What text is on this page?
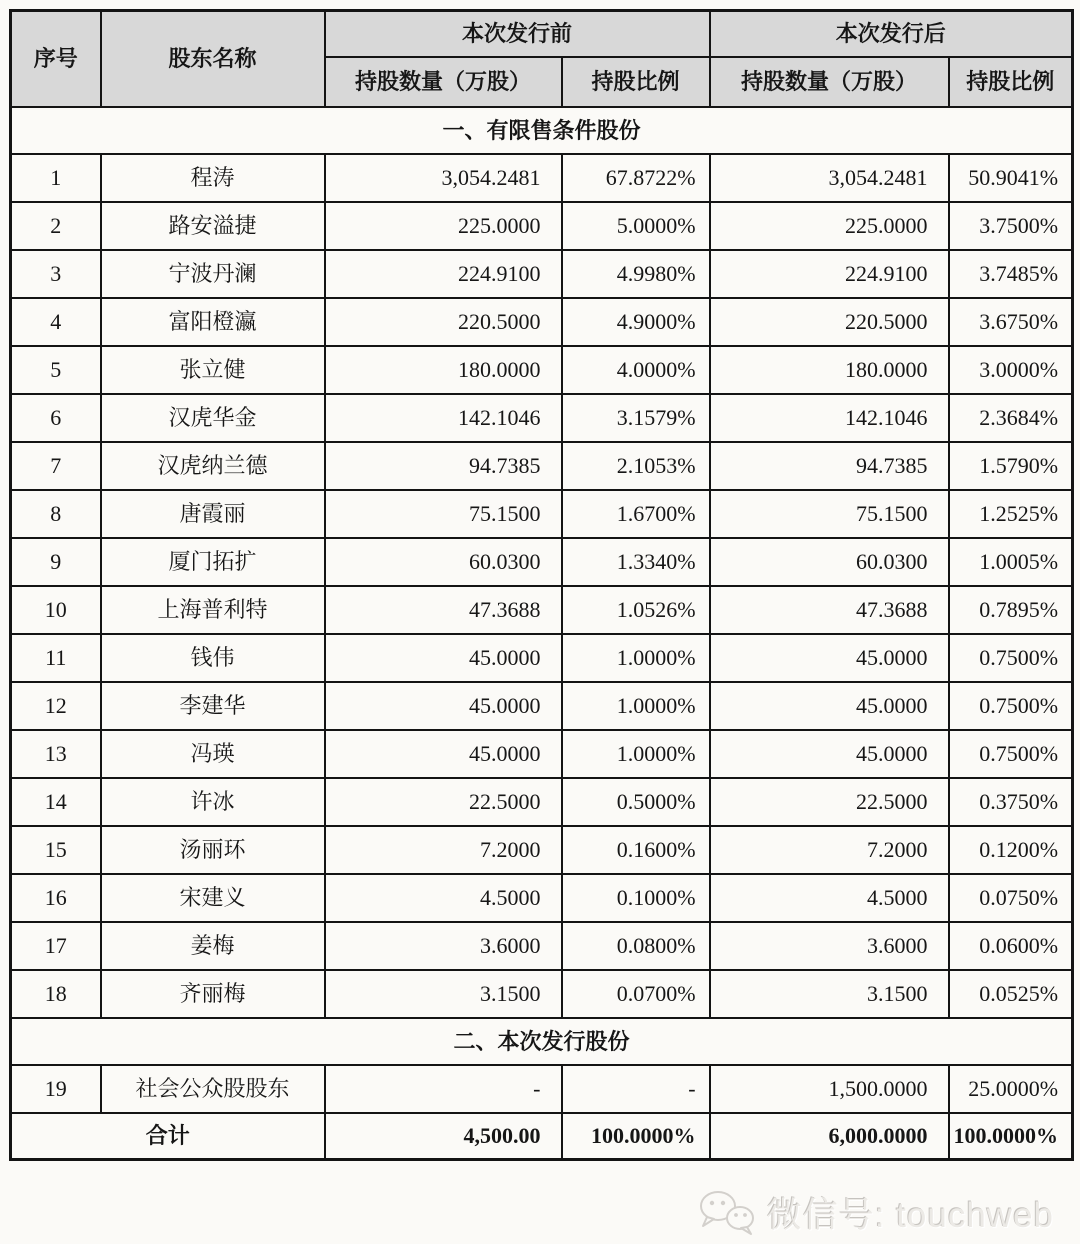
序号	股东名称	本次发行前		本次发行后	
		持股数量（万股）	持股比例	持股数量（万股）	持股比例
一、有限售条件股份					
1	程涛	3,054.2481	67.8722%	3,054.2481	50.9041%
2	路安溢捷	225.0000	5.0000%	225.0000	3.7500%
3	宁波丹澜	224.9100	4.9980%	224.9100	3.7485%
4	富阳橙瀛	220.5000	4.9000%	220.5000	3.6750%
5	张立健	180.0000	4.0000%	180.0000	3.0000%
6	汉虎华金	142.1046	3.1579%	142.1046	2.3684%
7	汉虎纳兰德	94.7385	2.1053%	94.7385	1.5790%
8	唐霞丽	75.1500	1.6700%	75.1500	1.2525%
9	厦门拓扩	60.0300	1.3340%	60.0300	1.0005%
10	上海普利特	47.3688	1.0526%	47.3688	0.7895%
11	钱伟	45.0000	1.0000%	45.0000	0.7500%
12	李建华	45.0000	1.0000%	45.0000	0.7500%
13	冯瑛	45.0000	1.0000%	45.0000	0.7500%
14	许冰	22.5000	0.5000%	22.5000	0.3750%
15	汤丽环	7.2000	0.1600%	7.2000	0.1200%
16	宋建义	4.5000	0.1000%	4.5000	0.0750%
17	姜梅	3.6000	0.0800%	3.6000	0.0600%
18	齐丽梅	3.1500	0.0700%	3.1500	0.0525%
二、本次发行股份					
19	社会公众股股东	-	-	1,500.0000	25.0000%
合计		4,500.00	100.0000%	6,000.0000	100.0000%
微信号: touchweb
